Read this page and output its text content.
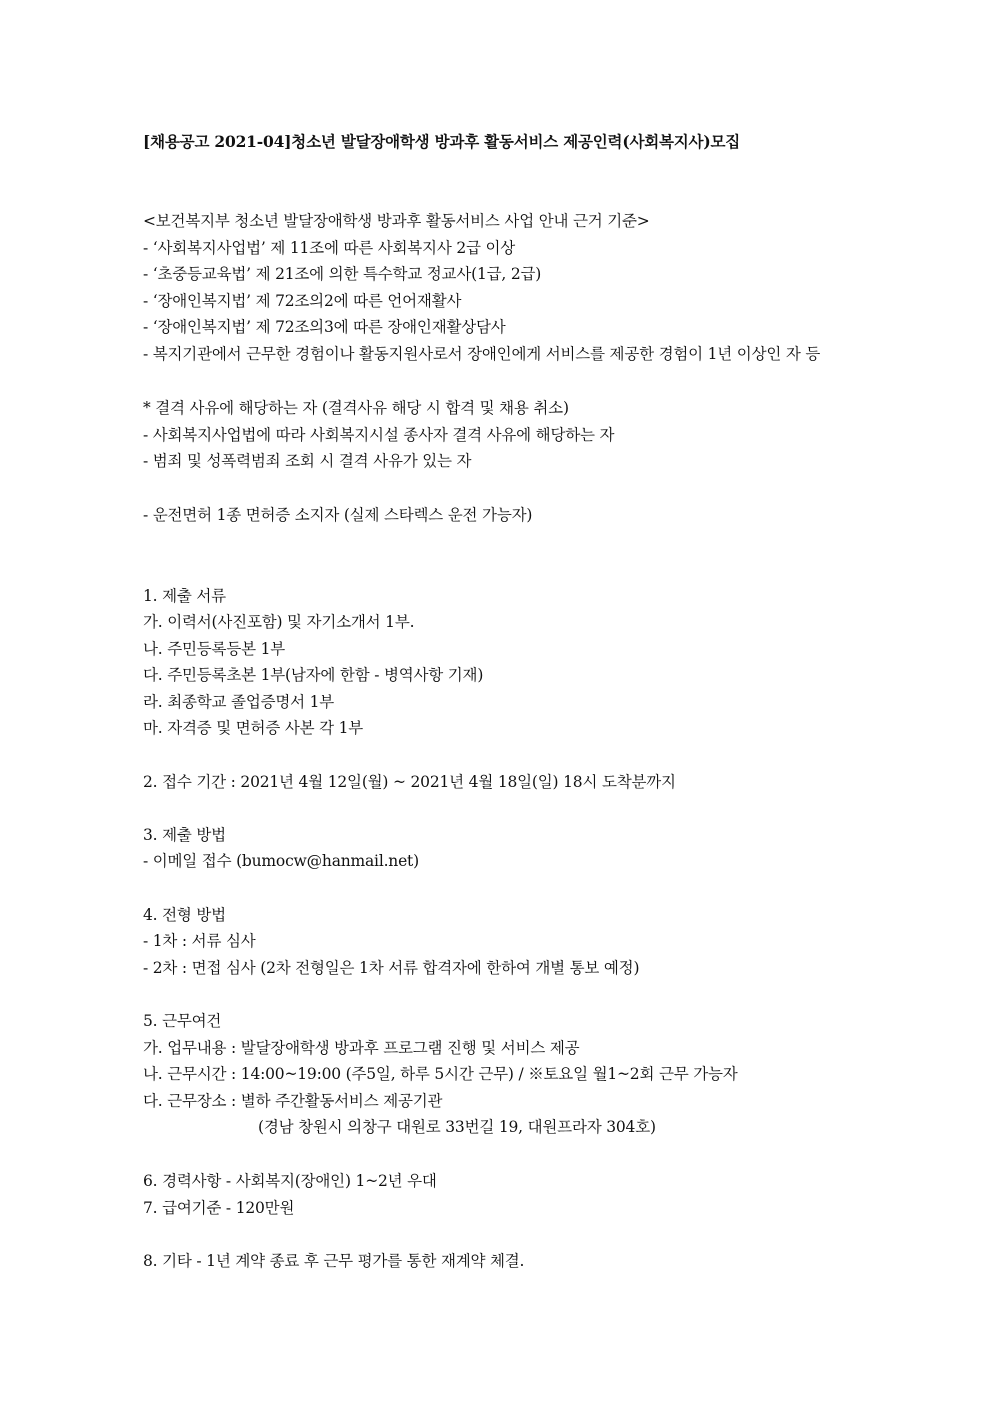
[채용공고 2021-04]청소년 발달장애학생 방과후 활동서비스 제공인력(사회복지사)모집
<보건복지부 청소년 발달장애학생 방과후 활동서비스 사업 안내 근거 기준>
- ‘사회복지사업법’ 제 11조에 따른 사회복지사 2급 이상
- ‘초중등교육법’ 제 21조에 의한 특수학교 정교사(1급, 2급)
- ‘장애인복지법’ 제 72조의2에 따른 언어재활사
- ‘장애인복지법’ 제 72조의3에 따른 장애인재활상담사
- 복지기관에서 근무한 경험이나 활동지원사로서 장애인에게 서비스를 제공한 경험이 1년 이상인 자 등
* 결격 사유에 해당하는 자 (결격사유 해당 시 합격 및 채용 취소)
- 사회복지사업법에 따라 사회복지시설 종사자 결격 사유에 해당하는 자
- 범죄 및 성폭력범죄 조회 시 결격 사유가 있는 자
- 운전면허 1종 면허증 소지자 (실제 스타렉스 운전 가능자)
1. 제출 서류
가. 이력서(사진포함) 및 자기소개서 1부.
나. 주민등록등본 1부
다. 주민등록초본 1부(남자에 한함 - 병역사항 기재)
라. 최종학교 졸업증명서 1부
마. 자격증 및 면허증 사본 각 1부
2. 접수 기간 : 2021년 4월 12일(월) ~ 2021년 4월 18일(일) 18시 도착분까지
3. 제출 방법
- 이메일 접수 (bumocw@hanmail.net)
4. 전형 방법
- 1차 : 서류 심사
- 2차 : 면접 심사 (2차 전형일은 1차 서류 합격자에 한하여 개별 통보 예정)
5. 근무여건
가. 업무내용 : 발달장애학생 방과후 프로그램 진행 및 서비스 제공
나. 근무시간 : 14:00~19:00 (주5일, 하루 5시간 근무) / ※토요일 월1~2회 근무 가능자
다. 근무장소 : 별하 주간활동서비스 제공기관
(경남 창원시 의창구 대원로 33번길 19, 대원프라자 304호)
6. 경력사항 - 사회복지(장애인) 1~2년 우대
7. 급여기준 - 120만원
8. 기타 - 1년 계약 종료 후 근무 평가를 통한 재계약 체결.
